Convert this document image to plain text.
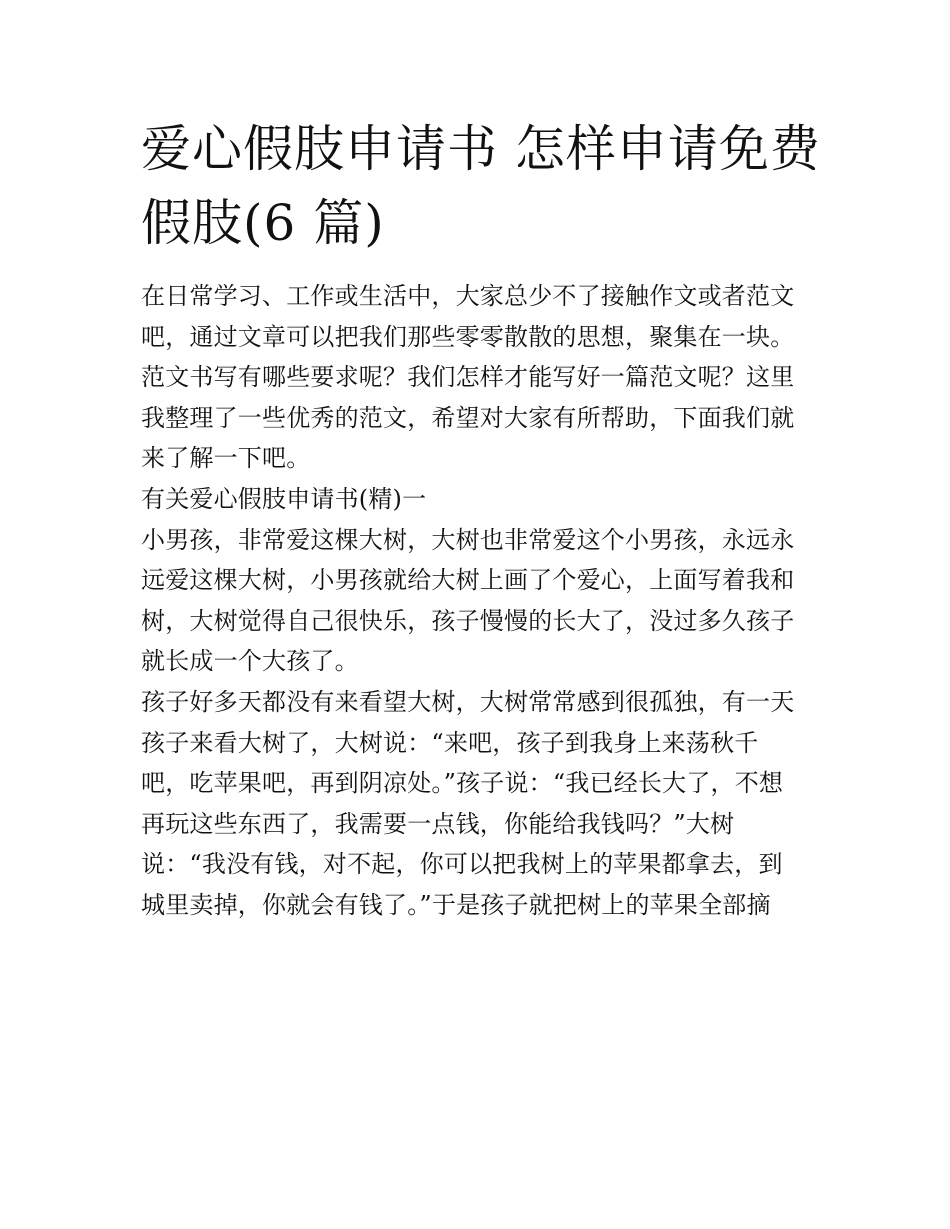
爱心假肢申请书 怎样申请免费
假肢(6 篇)
在日常学习、工作或生活中，大家总少不了接触作文或者范文
吧，通过文章可以把我们那些零零散散的思想，聚集在一块。
范文书写有哪些要求呢？我们怎样才能写好一篇范文呢？这里
我整理了一些优秀的范文，希望对大家有所帮助，下面我们就
来了解一下吧。
有关爱心假肢申请书(精)一
小男孩，非常爱这棵大树，大树也非常爱这个小男孩，永远永
远爱这棵大树，小男孩就给大树上画了个爱心，上面写着我和
树，大树觉得自己很快乐，孩子慢慢的长大了，没过多久孩子
就长成一个大孩了。
孩子好多天都没有来看望大树，大树常常感到很孤独，有一天
孩子来看大树了，大树说：“来吧，孩子到我身上来荡秋千
吧，吃苹果吧，再到阴凉处。”孩子说：“我已经长大了，不想
再玩这些东西了，我需要一点钱，你能给我钱吗？”大树
说：“我没有钱，对不起，你可以把我树上的苹果都拿去，到
城里卖掉，你就会有钱了。”于是孩子就把树上的苹果全部摘
